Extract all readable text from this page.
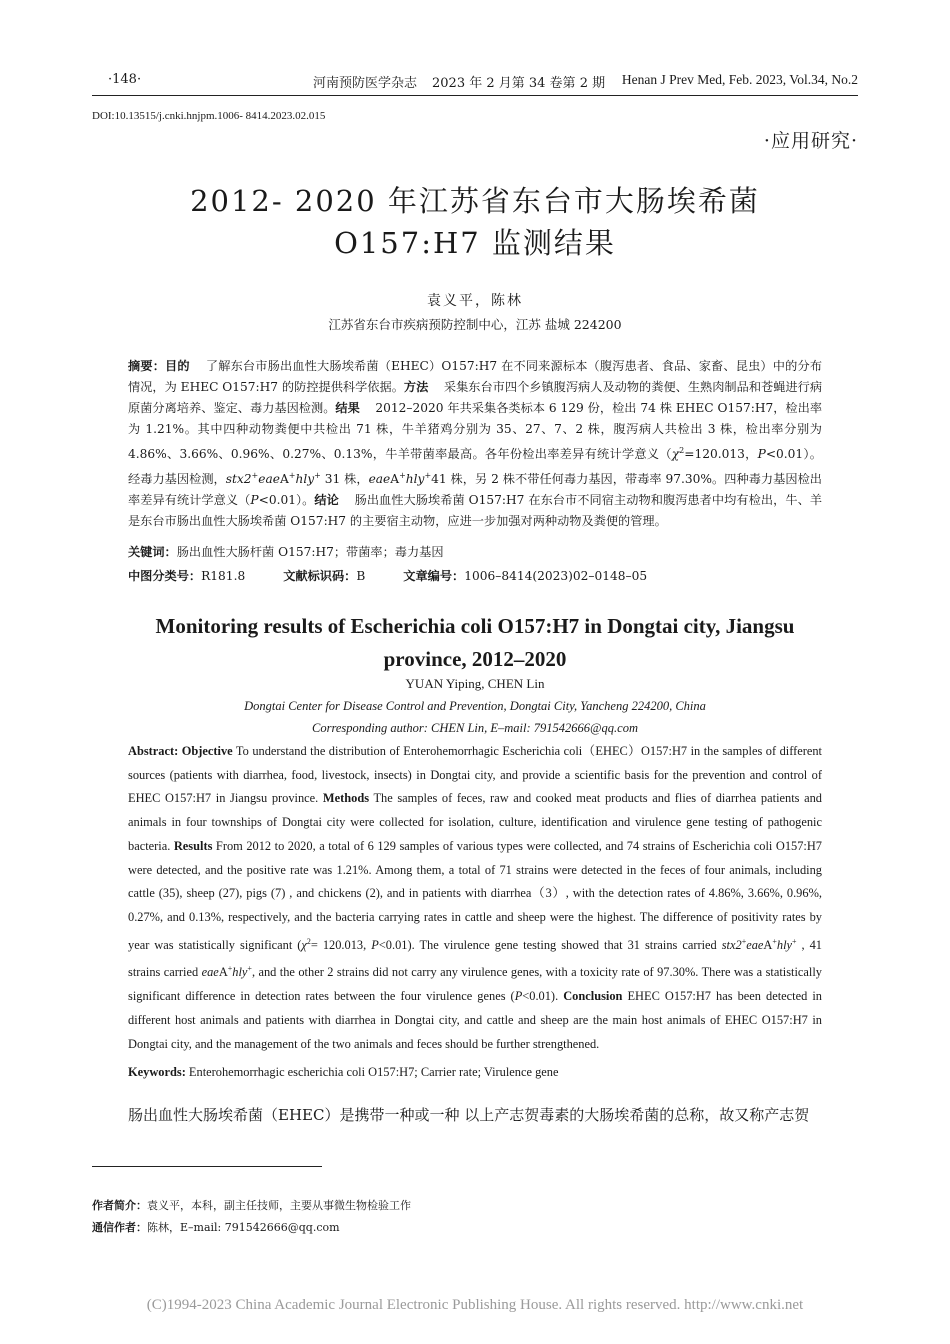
·148·	河南预防医学杂志 2023 年 2 月第 34 卷第 2 期 Henan J Prev Med, Feb. 2023, Vol.34, No.2
DOI:10.13515/j.cnki.hnjpm.1006- 8414.2023.02.015
·应用研究·
2012- 2020 年江苏省东台市大肠埃希菌
O157:H7 监测结果
袁义平，陈林
江苏省东台市疾病预防控制中心，江苏 盐城 224200
摘要：目的 了解东台市肠出血性大肠埃希菌（EHEC）O157:H7 在不同来源标本（腹泻患者、食品、家畜、昆虫）中的分布情况，为 EHEC O157:H7 的防控提供科学依据。方法 采集东台市四个乡镇腹泻病人及动物的粪便、生熟肉制品和苍蝇进行病原菌分离培养、鉴定、毒力基因检测。结果 2012–2020 年共采集各类标本 6 129 份，检出 74 株 EHEC O157:H7，检出率为 1.21%。其中四种动物粪便中共检出 71 株，牛羊猪鸡分别为 35、27、7、2 株，腹泻病人共检出 3 株，检出率分别为 4.86%、3.66%、0.96%、0.27%、0.13%，牛羊带菌率最高。各年份检出率差异有统计学意义（$\chi^2=120.013$，P<0.01）。经毒力基因检测，stx2+eaeA+hly+ 31 株，eaeA+hly+41 株，另 2 株不带任何毒力基因，带毒率 97.30%。四种毒力基因检出率差异有统计学意义（P<0.01）。结论 肠出血性大肠埃希菌 O157:H7 在东台市不同宿主动物和腹泻患者中均有检出，牛、羊是东台市肠出血性大肠埃希菌 O157:H7 的主要宿主动物，应进一步加强对两种动物及粪便的管理。
关键词：肠出血性大肠杆菌 O157:H7；带菌率；毒力基因
中图分类号：R181.8	文献标识码：B	文章编号：1006–8414(2023)02–0148–05
Monitoring results of Escherichia coli O157:H7 in Dongtai city, Jiangsu
province, 2012–2020
YUAN Yiping, CHEN Lin
Dongtai Center for Disease Control and Prevention, Dongtai City, Yancheng 224200, China
Corresponding author: CHEN Lin, E–mail: 791542666@qq.com
Abstract: Objective To understand the distribution of Enterohemorrhagic Escherichia coli（EHEC）O157:H7 in the samples of different sources (patients with diarrhea, food, livestock, insects) in Dongtai city, and provide a scientific basis for the prevention and control of EHEC O157:H7 in Jiangsu province. Methods The samples of feces, raw and cooked meat products and flies of diarrhea patients and animals in four townships of Dongtai city were collected for isolation, culture, identification and virulence gene testing of pathogenic bacteria. Results From 2012 to 2020, a total of 6 129 samples of various types were collected, and 74 strains of Escherichia coli O157:H7 were detected, and the positive rate was 1.21%. Among them, a total of 71 strains were detected in the feces of four animals, including cattle (35), sheep (27), pigs (7) , and chickens (2), and in patients with diarrhea（3）, with the detection rates of 4.86%, 3.66%, 0.96%, 0.27%, and 0.13%, respectively, and the bacteria carrying rates in cattle and sheep were the highest. The difference of positivity rates by year was statistically significant ($\chi^2= 120.013$, P<0.01). The virulence gene testing showed that 31 strains carried stx2+eaeA+hly+ , 41 strains carried eaeA+hly+, and the other 2 strains did not carry any virulence genes, with a toxicity rate of 97.30%. There was a statistically significant difference in detection rates between the four virulence genes (P<0.01). Conclusion EHEC O157:H7 has been detected in different host animals and patients with diarrhea in Dongtai city, and cattle and sheep are the main host animals of EHEC O157:H7 in Dongtai city, and the management of the two animals and feces should be further strengthened.
Keywords: Enterohemorrhagic escherichia coli O157:H7; Carrier rate; Virulence gene
肠出血性大肠埃希菌（EHEC）是携带一种或一种 以上产志贺毒素的大肠埃希菌的总称，故又称产志贺
作者简介：袁义平，本科，副主任技师，主要从事微生物检验工作
通信作者：陈林，E–mail: 791542666@qq.com
(C)1994-2023 China Academic Journal Electronic Publishing House. All rights reserved. http://www.cnki.net
